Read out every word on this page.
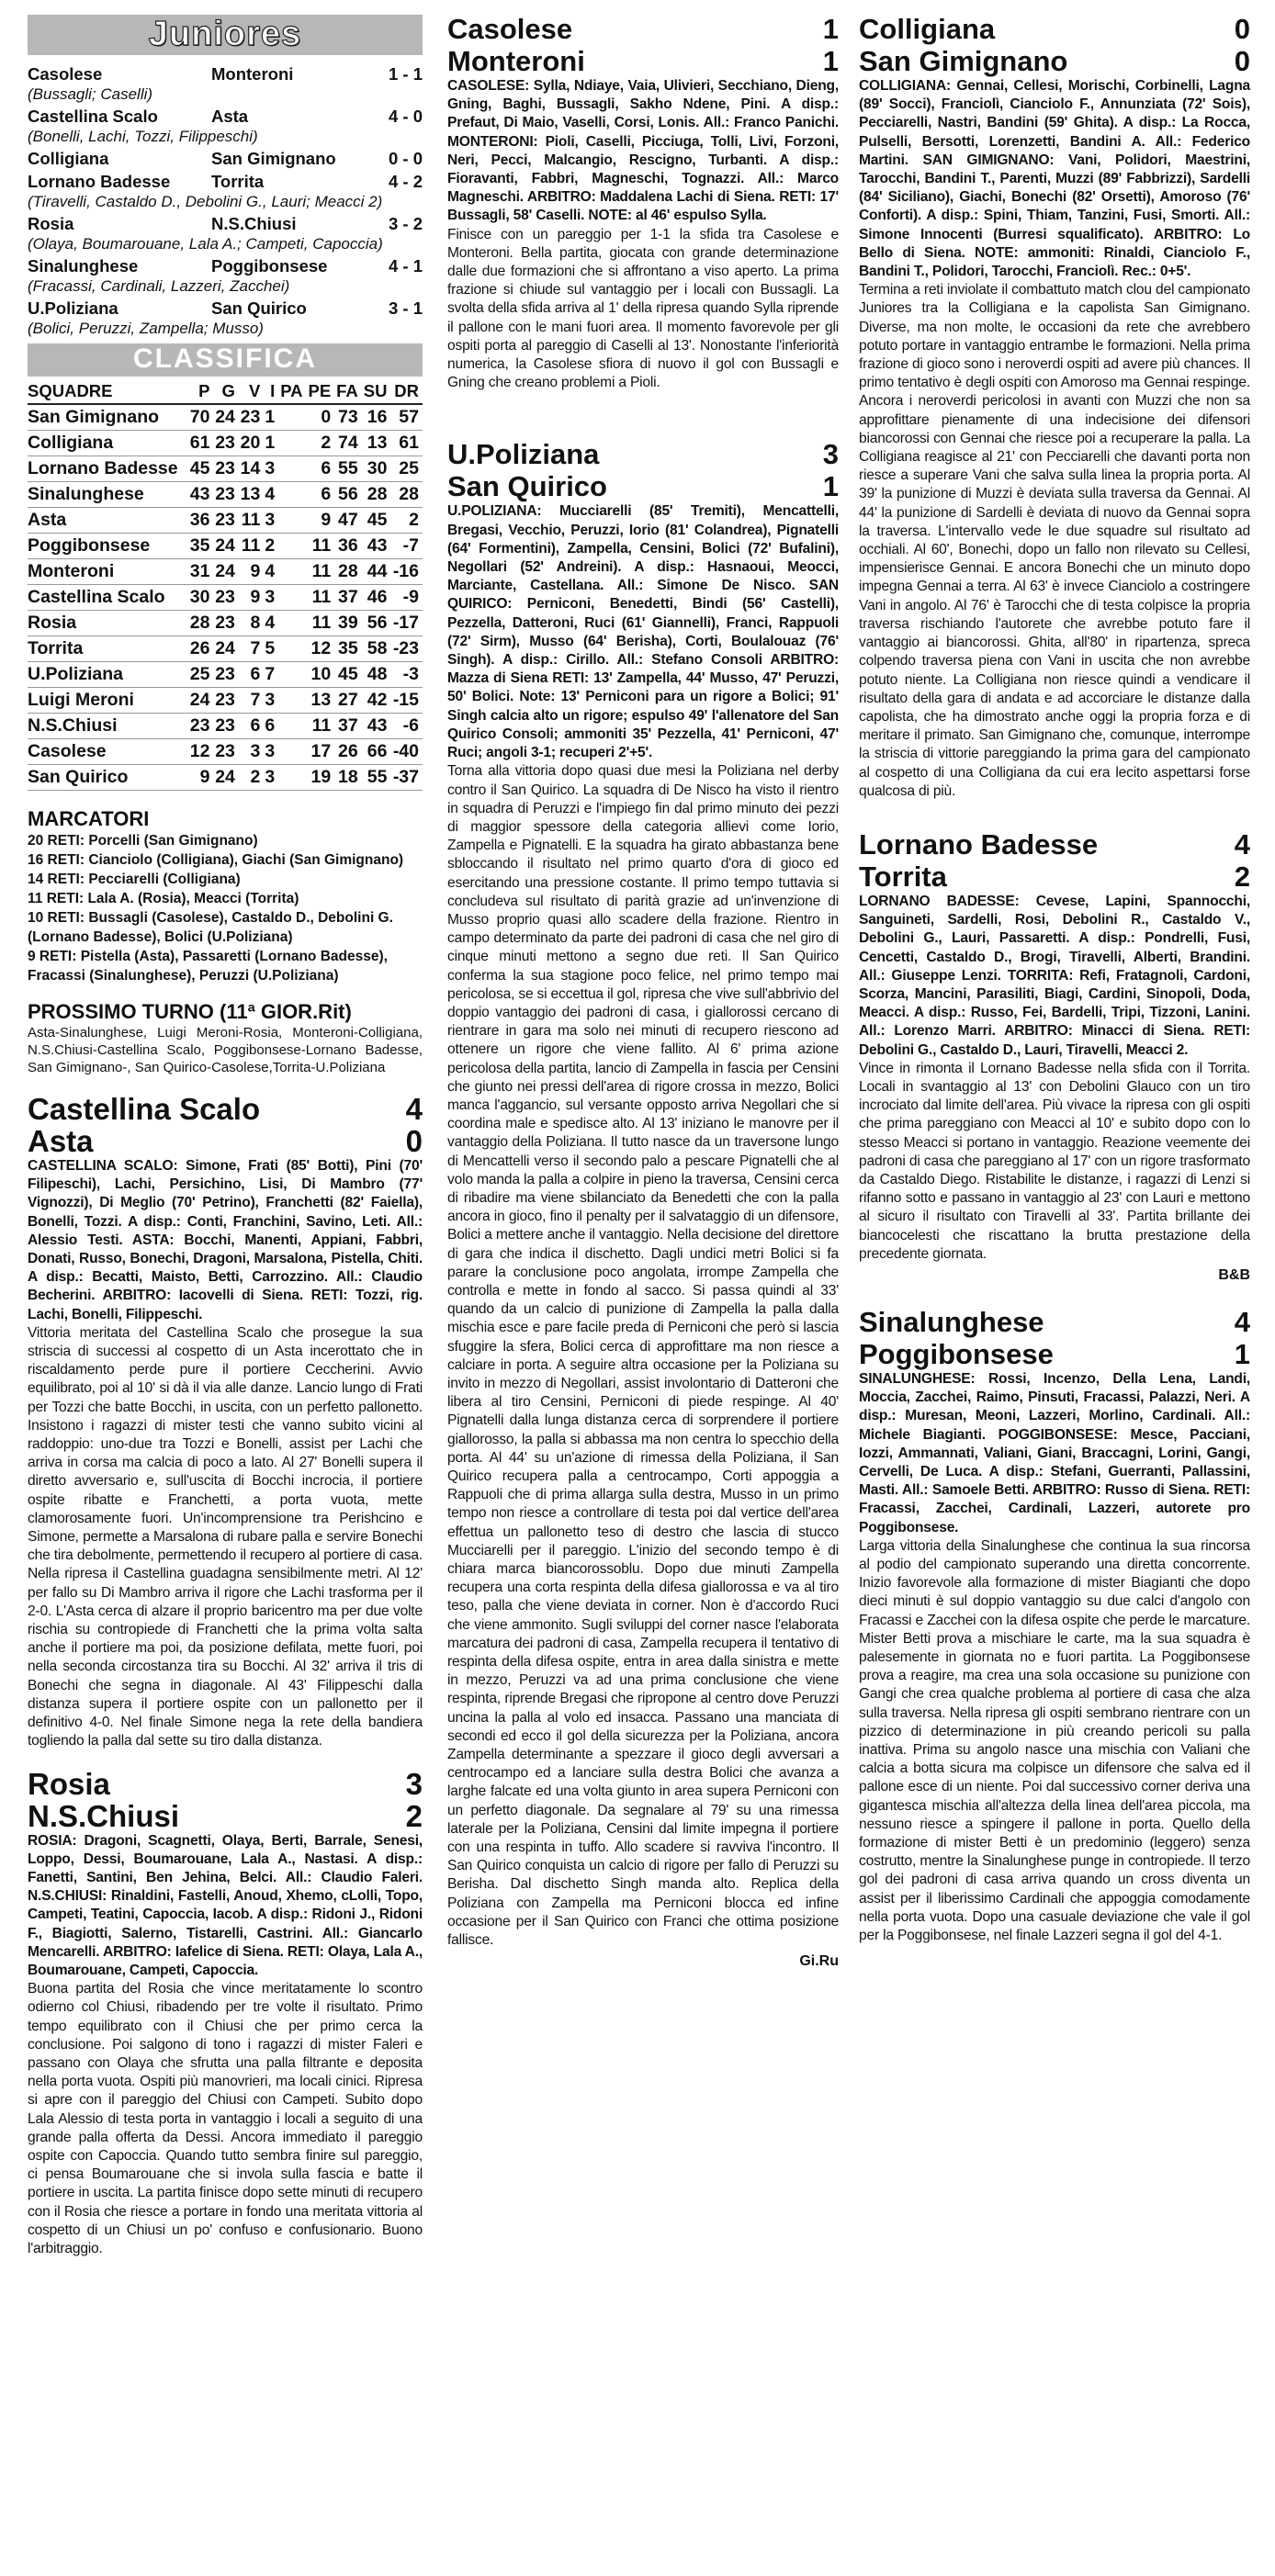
Juniores
Casolese	Monteroni	1 - 1
(Bussagli; Caselli)
Castellina Scalo	Asta	4 - 0
(Bonelli, Lachi, Tozzi, Filippeschi)
Colligiana	San Gimignano	0 - 0
Lornano Badesse	Torrita	4 - 2
(Tiravelli, Castaldo D., Debolini G., Lauri; Meacci 2)
Rosia	N.S.Chiusi	3 - 2
(Olaya, Boumarouane, Lala A.; Campeti, Capoccia)
Sinalunghese	Poggibonsese	4 - 1
(Fracassi, Cardinali, Lazzeri, Zacchei)
U.Poliziana	San Quirico	3 - 1
(Bolici, Peruzzi, Zampella; Musso)
CLASSIFICA
SQUADRE	P	G	V	I	PA	PE	FA	SU	DR
San Gimignano	70	24	23	1		0	73	16	57
Colligiana	61	23	20	1		2	74	13	61
Lornano Badesse	45	23	14	3		6	55	30	25
Sinalunghese	43	23	13	4		6	56	28	28
Asta	36	23	11	3		9	47	45	2
Poggibonsese	35	24	11	2		11	36	43	-7
Monteroni	31	24	9	4		11	28	44	-16
Castellina Scalo	30	23	9	3		11	37	46	-9
Rosia	28	23	8	4		11	39	56	-17
Torrita	26	24	7	5		12	35	58	-23
U.Poliziana	25	23	6	7		10	45	48	-3
Luigi Meroni	24	23	7	3		13	27	42	-15
N.S.Chiusi	23	23	6	6		11	37	43	-6
Casolese	12	23	3	3		17	26	66	-40
San Quirico	9	24	2	3		19	18	55	-37
MARCATORI
20 RETI: Porcelli (San Gimignano)
16 RETI: Cianciolo (Colligiana), Giachi (San Gimignano)
14 RETI: Pecciarelli (Colligiana)
11 RETI: Lala A. (Rosia), Meacci (Torrita)
10 RETI: Bussagli (Casolese), Castaldo D., Debolini G. (Lornano Badesse), Bolici (U.Poliziana)
9 RETI: Pistella (Asta), Passaretti (Lornano Badesse), Fracassi (Sinalunghese), Peruzzi (U.Poliziana)
PROSSIMO TURNO (11ª GIOR.Rit)
Asta-Sinalunghese, Luigi Meroni-Rosia, Monteroni-Colligiana, N.S.Chiusi-Castellina Scalo, Poggibonsese-Lornano Badesse, San Gimignano-, San Quirico-Casolese,Torrita-U.Poliziana
Castellina Scalo	4
Asta	0
CASTELLINA SCALO: Simone, Frati (85' Botti), Pini (70' Filipeschi), Lachi, Persichino, Lisi, Di Mambro (77' Vignozzi), Di Meglio (70' Petrino), Franchetti (82' Faiella), Bonelli, Tozzi. A disp.: Conti, Franchini, Savino, Leti. All.: Alessio Testi. ASTA: Bocchi, Manenti, Appiani, Fabbri, Donati, Russo, Bonechi, Dragoni, Marsalona, Pistella, Chiti. A disp.: Becatti, Maisto, Betti, Carrozzino. All.: Claudio Becherini. ARBITRO: Iacovelli di Siena. RETI: Tozzi, rig. Lachi, Bonelli, Filippeschi.
Vittoria meritata del Castellina Scalo che prosegue la sua striscia di successi al cospetto di un Asta incerottato che in riscaldamento perde pure il portiere Ceccherini. Avvio equilibrato, poi al 10' si dà il via alle danze. Lancio lungo di Frati per Tozzi che batte Bocchi, in uscita, con un perfetto pallonetto. Insistono i ragazzi di mister testi che vanno subito vicini al raddoppio: uno-due tra Tozzi e Bonelli, assist per Lachi che arriva in corsa ma calcia di poco a lato. Al 27' Bonelli supera il diretto avversario e, sull'uscita di Bocchi incrocia, il portiere ospite ribatte e Franchetti, a porta vuota, mette clamorosamente fuori. Un'incomprensione tra Perishcino e Simone, permette a Marsalona di rubare palla e servire Bonechi che tira debolmente, permettendo il recupero al portiere di casa. Nella ripresa il Castellina guadagna sensibilmente metri. Al 12' per fallo su Di Mambro arriva il rigore che Lachi trasforma per il 2-0. L'Asta cerca di alzare il proprio baricentro ma per due volte rischia su contropiede di Franchetti che la prima volta salta anche il portiere ma poi, da posizione defilata, mette fuori, poi nella seconda circostanza tira su Bocchi. Al 32' arriva il tris di Bonechi che segna in diagonale. Al 43' Filippeschi dalla distanza supera il portiere ospite con un pallonetto per il definitivo 4-0. Nel finale Simone nega la rete della bandiera togliendo la palla dal sette su tiro dalla distanza.
Rosia	3
N.S.Chiusi	2
ROSIA: Dragoni, Scagnetti, Olaya, Berti, Barrale, Senesi, Loppo, Dessi, Boumarouane, Lala A., Nastasi. A disp.: Fanetti, Santini, Ben Jehina, Belci. All.: Claudio Faleri. N.S.CHIUSI: Rinaldini, Fastelli, Anoud, Xhemo, cLolli, Topo, Campeti, Teatini, Capoccia, Iacob. A disp.: Ridoni J., Ridoni F., Biagiotti, Salerno, Tistarelli, Castrini. All.: Giancarlo Mencarelli. ARBITRO: Iafelice di Siena. RETI: Olaya, Lala A., Boumarouane, Campeti, Capoccia.
Buona partita del Rosia che vince meritatamente lo scontro odierno col Chiusi, ribadendo per tre volte il risultato. Primo tempo equilibrato con il Chiusi che per primo cerca la conclusione. Poi salgono di tono i ragazzi di mister Faleri e passano con Olaya che sfrutta una palla filtrante e deposita nella porta vuota. Ospiti più manovrieri, ma locali cinici. Ripresa si apre con il pareggio del Chiusi con Campeti. Subito dopo Lala Alessio di testa porta in vantaggio i locali a seguito di una grande palla offerta da Dessi. Ancora immediato il pareggio ospite con Capoccia. Quando tutto sembra finire sul pareggio, ci pensa Boumarouane che si invola sulla fascia e batte il portiere in uscita. La partita finisce dopo sette minuti di recupero con il Rosia che riesce a portare in fondo una meritata vittoria al cospetto di un Chiusi un po' confuso e confusionario. Buono l'arbitraggio.
Casolese	1
Monteroni	1
CASOLESE: Sylla, Ndiaye, Vaia, Ulivieri, Secchiano, Dieng, Gning, Baghi, Bussagli, Sakho Ndene, Pini. A disp.: Prefaut, Di Maio, Vaselli, Corsi, Lonis. All.: Franco Panichi. MONTERONI: Pioli, Caselli, Picciuga, Tolli, Livi, Forzoni, Neri, Pecci, Malcangio, Rescigno, Turbanti. A disp.: Fioravanti, Fabbri, Magneschi, Tognazzi. All.: Marco Magneschi. ARBITRO: Maddalena Lachi di Siena. RETI: 17' Bussagli, 58' Caselli. NOTE: al 46' espulso Sylla.
Finisce con un pareggio per 1-1 la sfida tra Casolese e Monteroni. Bella partita, giocata con grande determinazione dalle due formazioni che si affrontano a viso aperto. La prima frazione si chiude sul vantaggio per i locali con Bussagli. La svolta della sfida arriva al 1' della ripresa quando Sylla riprende il pallone con le mani fuori area. Il momento favorevole per gli ospiti porta al pareggio di Caselli al 13'. Nonostante l'inferiorità numerica, la Casolese sfiora di nuovo il gol con Bussagli e Gning che creano problemi a Pioli.
U.Poliziana	3
San Quirico	1
U.POLIZIANA: Mucciarelli (85' Tremiti), Mencattelli, Bregasi, Vecchio, Peruzzi, Iorio (81' Colandrea), Pignatelli (64' Formentini), Zampella, Censini, Bolici (72' Bufalini), Negollari (52' Andreini). A disp.: Hasnaoui, Meocci, Marciante, Castellana. All.: Simone De Nisco. SAN QUIRICO: Perniconi, Benedetti, Bindi (56' Castelli), Pezzella, Datteroni, Ruci (61' Giannelli), Franci, Rappuoli (72' Sirm), Musso (64' Berisha), Corti, Boulalouaz (76' Singh). A disp.: Cirillo. All.: Stefano Consoli ARBITRO: Mazza di Siena RETI: 13' Zampella, 44' Musso, 47' Peruzzi, 50' Bolici. Note: 13' Perniconi para un rigore a Bolici; 91' Singh calcia alto un rigore; espulso 49' l'allenatore del San Quirico Consoli; ammoniti 35' Pezzella, 41' Perniconi, 47' Ruci; angoli 3-1; recuperi 2'+5'.
Torna alla vittoria dopo quasi due mesi la Poliziana nel derby contro il San Quirico. La squadra di De Nisco ha visto il rientro in squadra di Peruzzi e l'impiego fin dal primo minuto dei pezzi di maggior spessore della categoria allievi come Iorio, Zampella e Pignatelli. E la squadra ha girato abbastanza bene sbloccando il risultato nel primo quarto d'ora di gioco ed esercitando una pressione costante. Il primo tempo tuttavia si concludeva sul risultato di parità grazie ad un'invenzione di Musso proprio quasi allo scadere della frazione. Rientro in campo determinato da parte dei padroni di casa che nel giro di cinque minuti mettono a segno due reti. Il San Quirico conferma la sua stagione poco felice, nel primo tempo mai pericolosa, se si eccettua il gol, ripresa che vive sull'abbrivio del doppio vantaggio dei padroni di casa, i giallorossi cercano di rientrare in gara ma solo nei minuti di recupero riescono ad ottenere un rigore che viene fallito. Al 6' prima azione pericolosa della partita, lancio di Zampella in fascia per Censini che giunto nei pressi dell'area di rigore crossa in mezzo, Bolici manca l'aggancio, sul versante opposto arriva Negollari che si coordina male e spedisce alto. Al 13' iniziano le manovre per il vantaggio della Poliziana. Il tutto nasce da un traversone lungo di Mencattelli verso il secondo palo a pescare Pignatelli che al volo manda la palla a colpire in pieno la traversa, Censini cerca di ribadire ma viene sbilanciato da Benedetti che con la palla ancora in gioco, fino il penalty per il salvataggio di un difensore, Bolici a mettere anche il vantaggio. Nella decisione del direttore di gara che indica il dischetto. Dagli undici metri Bolici si fa parare la conclusione poco angolata, irrompe Zampella che controlla e mette in fondo al sacco. Si passa quindi al 33' quando da un calcio di punizione di Zampella la palla dalla mischia esce e pare facile preda di Perniconi che però si lascia sfuggire la sfera, Bolici cerca di approfittare ma non riesce a calciare in porta. A seguire altra occasione per la Poliziana su invito in mezzo di Negollari, assist involontario di Datteroni che libera al tiro Censini, Perniconi di piede respinge. Al 40' Pignatelli dalla lunga distanza cerca di sorprendere il portiere giallorosso, la palla si abbassa ma non centra lo specchio della porta. Al 44' su un'azione di rimessa della Poliziana, il San Quirico recupera palla a centrocampo, Corti appoggia a Rappuoli che di prima allarga sulla destra, Musso in un primo tempo non riesce a controllare di testa poi dal vertice dell'area effettua un pallonetto teso di destro che lascia di stucco Mucciarelli per il pareggio. L'inizio del secondo tempo è di chiara marca biancorossoblu. Dopo due minuti Zampella recupera una corta respinta della difesa giallorossa e va al tiro teso, palla che viene deviata in corner. Non è d'accordo Ruci che viene ammonito. Sugli sviluppi del corner nasce l'elaborata marcatura dei padroni di casa, Zampella recupera il tentativo di respinta della difesa ospite, entra in area dalla sinistra e mette in mezzo, Peruzzi va ad una prima conclusione che viene respinta, riprende Bregasi che ripropone al centro dove Peruzzi uncina la palla al volo ed insacca. Passano una manciata di secondi ed ecco il gol della sicurezza per la Poliziana, ancora Zampella determinante a spezzare il gioco degli avversari a centrocampo ed a lanciare sulla destra Bolici che avanza a larghe falcate ed una volta giunto in area supera Perniconi con un perfetto diagonale. Da segnalare al 79' su una rimessa laterale per la Poliziana, Censini dal limite impegna il portiere con una respinta in tuffo. Allo scadere si ravviva l'incontro. Il San Quirico conquista un calcio di rigore per fallo di Peruzzi su Berisha. Dal dischetto Singh manda alto. Replica della Poliziana con Zampella ma Perniconi blocca ed infine occasione per il San Quirico con Franci che ottima posizione fallisce.
Gi.Ru
Colligiana	0
San Gimignano	0
COLLIGIANA: Gennai, Cellesi, Morischi, Corbinelli, Lagna (89' Socci), Franciolì, Cianciolo F., Annunziata (72' Sois), Pecciarelli, Nastri, Bandini (59' Ghita). A disp.: La Rocca, Pulselli, Bersotti, Lorenzetti, Bandini A. All.: Federico Martini. SAN GIMIGNANO: Vani, Polidori, Maestrini, Tarocchi, Bandini T., Parenti, Muzzi (89' Fabbrizzi), Sardelli (84' Siciliano), Giachi, Bonechi (82' Orsetti), Amoroso (76' Conforti). A disp.: Spini, Thiam, Tanzini, Fusi, Smorti. All.: Simone Innocenti (Burresi squalificato). ARBITRO: Lo Bello di Siena. NOTE: ammoniti: Rinaldi, Cianciolo F., Bandini T., Polidori, Tarocchi, Franciolì. Rec.: 0+5'.
Termina a reti inviolate il combattuto match clou del campionato Juniores tra la Colligiana e la capolista San Gimignano. Diverse, ma non molte, le occasioni da rete che avrebbero potuto portare in vantaggio entrambe le formazioni. Nella prima frazione di gioco sono i neroverdi ospiti ad avere più chances. Il primo tentativo è degli ospiti con Amoroso ma Gennai respinge. Ancora i neroverdi pericolosi in avanti con Muzzi che non sa approfittare pienamente di una indecisione dei difensori biancorossi con Gennai che riesce poi a recuperare la palla. La Colligiana reagisce al 21' con Pecciarelli che davanti porta non riesce a superare Vani che salva sulla linea la propria porta. Al 39' la punizione di Muzzi è deviata sulla traversa da Gennai. Al 44' la punizione di Sardelli è deviata di nuovo da Gennai sopra la traversa. L'intervallo vede le due squadre sul risultato ad occhiali. Al 60', Bonechi, dopo un fallo non rilevato su Cellesi, impensierisce Gennai. E ancora Bonechi che un minuto dopo impegna Gennai a terra. Al 63' è invece Cianciolo a costringere Vani in angolo. Al 76' è Tarocchi che di testa colpisce la propria traversa rischiando l'autorete che avrebbe potuto fare il vantaggio ai biancorossi. Ghita, all'80' in ripartenza, spreca colpendo traversa piena con Vani in uscita che non avrebbe potuto niente. La Colligiana non riesce quindi a vendicare il risultato della gara di andata e ad accorciare le distanze dalla capolista, che ha dimostrato anche oggi la propria forza e di meritare il primato. San Gimignano che, comunque, interrompe la striscia di vittorie pareggiando la prima gara del campionato al cospetto di una Colligiana da cui era lecito aspettarsi forse qualcosa di più.
Lornano Badesse	4
Torrita	2
LORNANO BADESSE: Cevese, Lapini, Spannocchi, Sanguineti, Sardelli, Rosi, Debolini R., Castaldo V., Debolini G., Lauri, Passaretti. A disp.: Pondrelli, Fusi, Cencetti, Castaldo D., Brogi, Tiravelli, Alberti, Brandini. All.: Giuseppe Lenzi. TORRITA: Refi, Fratagnoli, Cardoni, Scorza, Mancini, Parasiliti, Biagi, Cardini, Sinopoli, Doda, Meacci. A disp.: Russo, Fei, Bardelli, Tripi, Tizzoni, Lanini. All.: Lorenzo Marri. ARBITRO: Minacci di Siena. RETI: Debolini G., Castaldo D., Lauri, Tiravelli, Meacci 2.
Vince in rimonta il Lornano Badesse nella sfida con il Torrita. Locali in svantaggio al 13' con Debolini Glauco con un tiro incrociato dal limite dell'area. Più vivace la ripresa con gli ospiti che prima pareggiano con Meacci al 10' e subito dopo con lo stesso Meacci si portano in vantaggio. Reazione veemente dei padroni di casa che pareggiano al 17' con un rigore trasformato da Castaldo Diego. Ristabilite le distanze, i ragazzi di Lenzi si rifanno sotto e passano in vantaggio al 23' con Lauri e mettono al sicuro il risultato con Tiravelli al 33'. Partita brillante dei biancocelesti che riscattano la brutta prestazione della precedente giornata.
B&B
Sinalunghese	4
Poggibonsese	1
SINALUNGHESE: Rossi, Incenzo, Della Lena, Landi, Moccia, Zacchei, Raimo, Pinsuti, Fracassi, Palazzi, Neri. A disp.: Muresan, Meoni, Lazzeri, Morlino, Cardinali. All.: Michele Biagianti. POGGIBONSESE: Mesce, Pacciani, Iozzi, Ammannati, Valiani, Giani, Braccagni, Lorini, Gangi, Cervelli, De Luca. A disp.: Stefani, Guerranti, Pallassini, Masti. All.: Samoele Betti. ARBITRO: Russo di Siena. RETI: Fracassi, Zacchei, Cardinali, Lazzeri, autorete pro Poggibonsese.
Larga vittoria della Sinalunghese che continua la sua rincorsa al podio del campionato superando una diretta concorrente. Inizio favorevole alla formazione di mister Biagianti che dopo dieci minuti è sul doppio vantaggio su due calci d'angolo con Fracassi e Zacchei con la difesa ospite che perde le marcature. Mister Betti prova a mischiare le carte, ma la sua squadra è palesemente in giornata no e fuori partita. La Poggibonsese prova a reagire, ma crea una sola occasione su punizione con Gangi che crea qualche problema al portiere di casa che alza sulla traversa. Nella ripresa gli ospiti sembrano rientrare con un pizzico di determinazione in più creando pericoli su palla inattiva. Prima su angolo nasce una mischia con Valiani che calcia a botta sicura ma colpisce un difensore che salva ed il pallone esce di un niente. Poi dal successivo corner deriva una gigantesca mischia all'altezza della linea dell'area piccola, ma nessuno riesce a spingere il pallone in porta. Quello della formazione di mister Betti è un predominio (leggero) senza costrutto, mentre la Sinalunghese punge in contropiede. Il terzo gol dei padroni di casa arriva quando un cross diventa un assist per il liberissimo Cardinali che appoggia comodamente nella porta vuota. Dopo una casuale deviazione che vale il gol per la Poggibonsese, nel finale Lazzeri segna il gol del 4-1.
